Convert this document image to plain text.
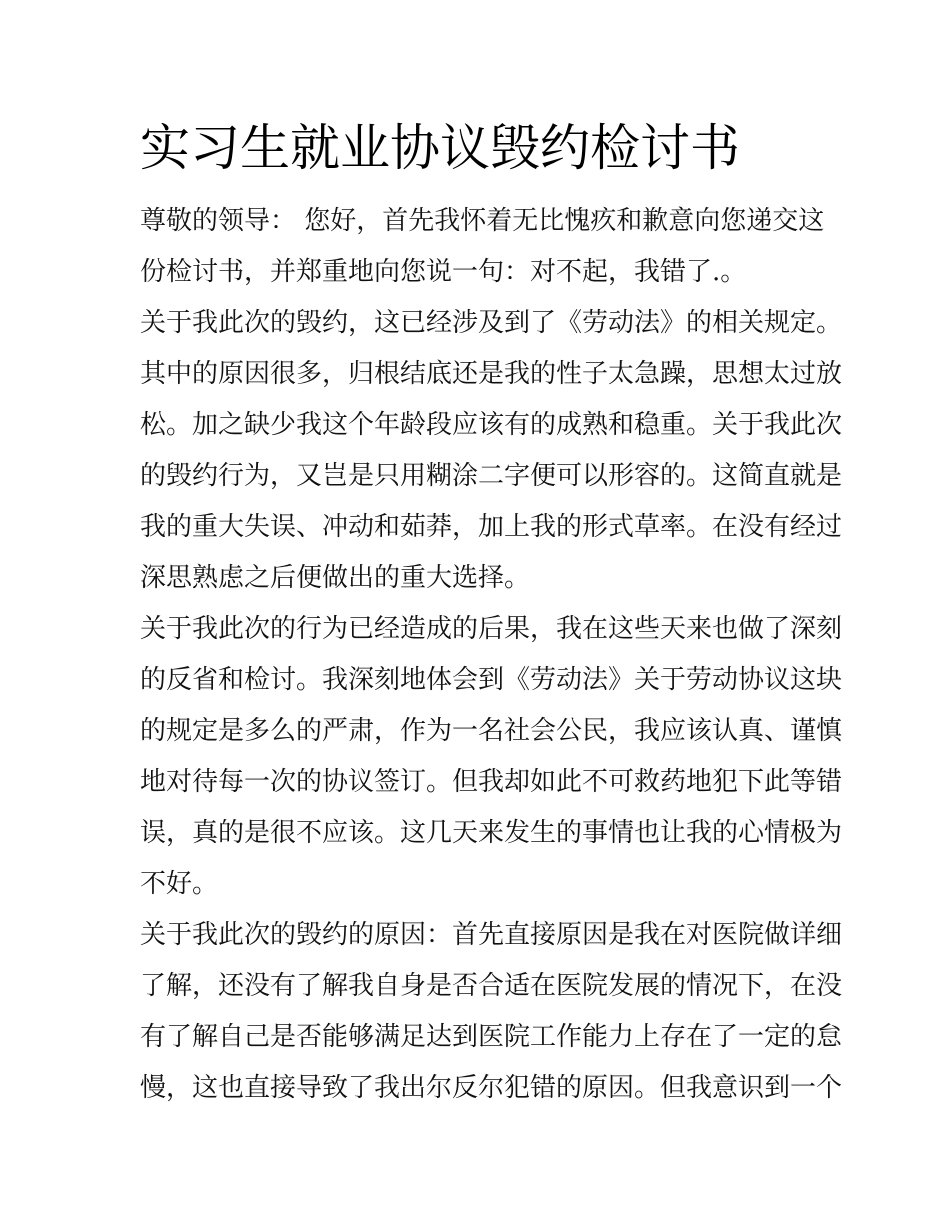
实习生就业协议毁约检讨书
尊敬的领导： 您好，首先我怀着无比愧疚和歉意向您递交这
份检讨书，并郑重地向您说一句：对不起，我错了.。
关于我此次的毁约，这已经涉及到了《劳动法》的相关规定。
其中的原因很多，归根结底还是我的性子太急躁，思想太过放
松。加之缺少我这个年龄段应该有的成熟和稳重。关于我此次
的毁约行为，又岂是只用糊涂二字便可以形容的。这简直就是
我的重大失误、冲动和茹莽，加上我的形式草率。在没有经过
深思熟虑之后便做出的重大选择。
关于我此次的行为已经造成的后果，我在这些天来也做了深刻
的反省和检讨。我深刻地体会到《劳动法》关于劳动协议这块
的规定是多么的严肃，作为一名社会公民，我应该认真、谨慎
地对待每一次的协议签订。但我却如此不可救药地犯下此等错
误，真的是很不应该。这几天来发生的事情也让我的心情极为
不好。
关于我此次的毁约的原因：首先直接原因是我在对医院做详细
了解，还没有了解我自身是否合适在医院发展的情况下，在没
有了解自己是否能够满足达到医院工作能力上存在了一定的怠
慢，这也直接导致了我出尔反尔犯错的原因。但我意识到一个
